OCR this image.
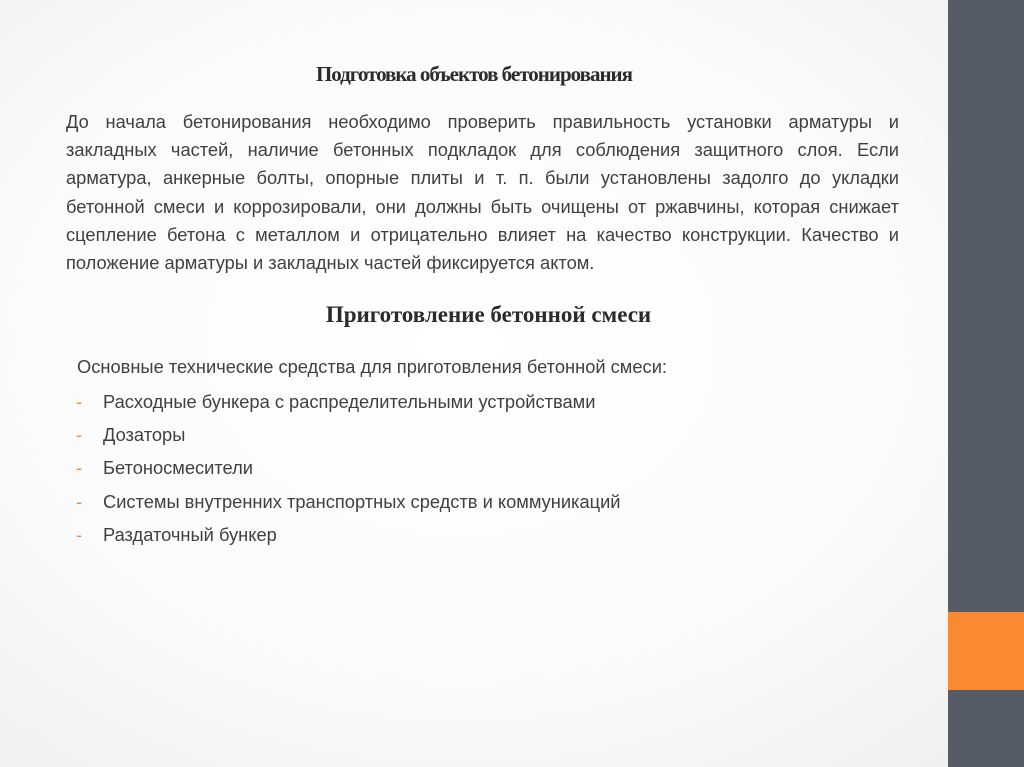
Подготовка объектов бетонирования

До начала бетонирования необходимо проверить правильность установки арматуры и закладных частей, наличие бетонных подкладок для соблюдения защитного слоя. Если арматура, анкерные болты, опорные плиты и т. п. были установлены задолго до укладки бетонной смеси и коррозировали, они должны быть очищены от ржавчины, которая снижает сцепление бетона с металлом и отрицательно влияет на качество конструкции. Качество и положение арматуры и закладных частей фиксируется актом.

Приготовление бетонной смеси

Основные технические средства для приготовления бетонной смеси:

- Расходные бункера с распределительными устройствами
- Дозаторы
- Бетоносмесители
- Системы внутренних транспортных средств и коммуникаций
- Раздаточный бункер
